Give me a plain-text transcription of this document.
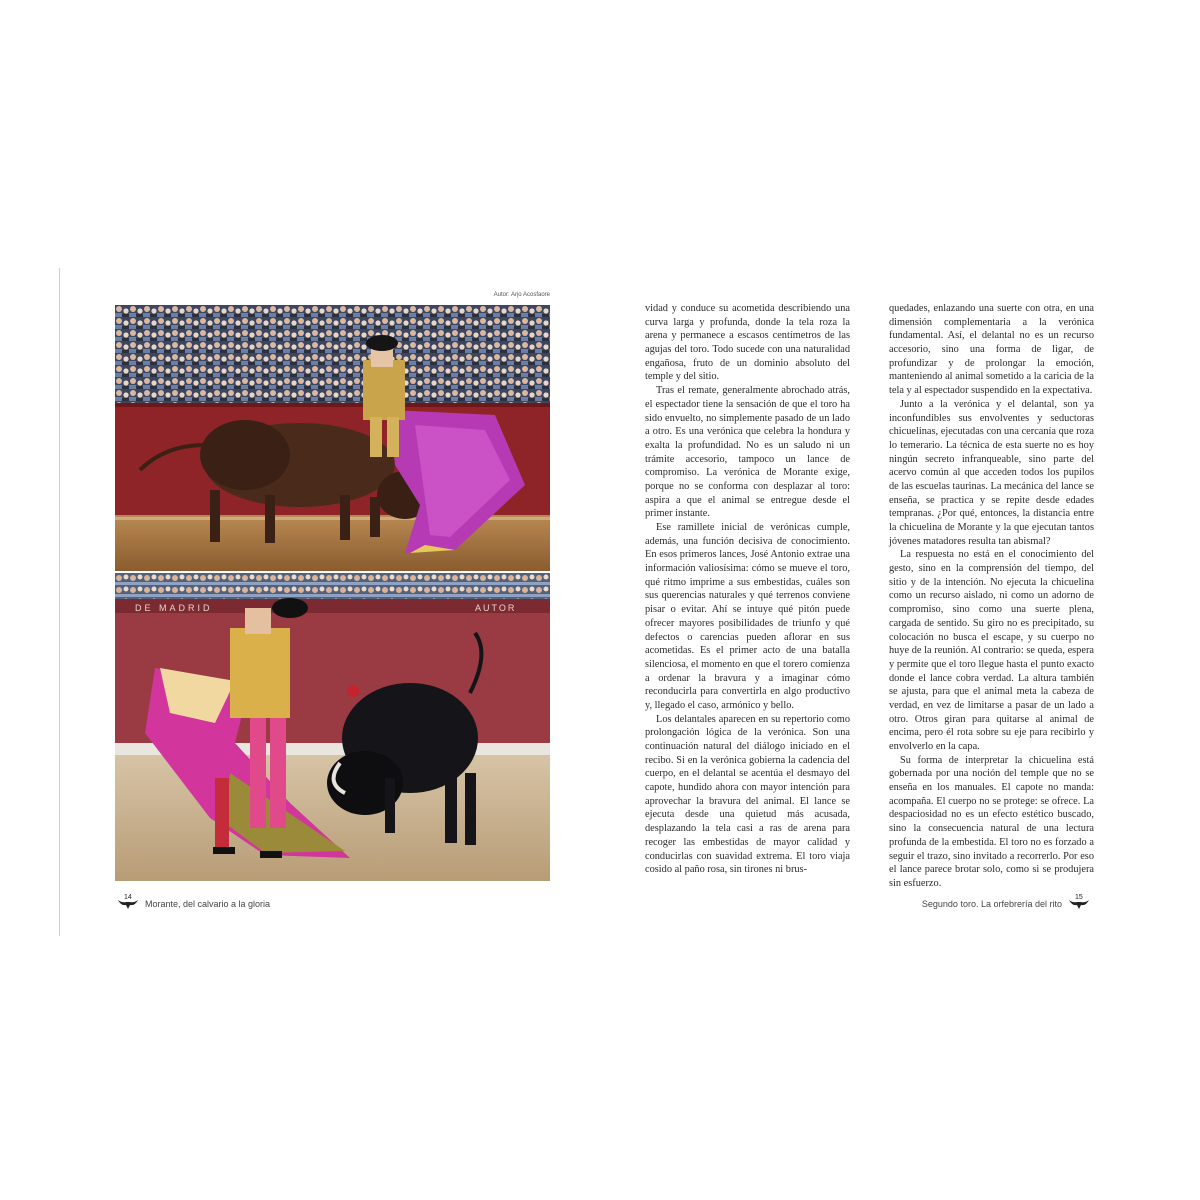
Autor: Arjo Acosfaore
DE MADRID	AUTOR

vidad y conduce su acometida describiendo una curva larga y profunda, donde la tela roza la arena y permanece a escasos centímetros de las agujas del toro. Todo sucede con una naturalidad engañosa, fruto de un dominio absoluto del temple y del sitio.

Tras el remate, generalmente abrochado atrás, el espectador tiene la sensación de que el toro ha sido envuelto, no simplemente pasado de un lado a otro. Es una verónica que celebra la hondura y exalta la profundidad. No es un saludo ni un trámite accesorio, tampoco un lance de compromiso. La verónica de Morante exige, porque no se conforma con desplazar al toro: aspira a que el animal se entregue desde el primer instante.

Ese ramillete inicial de verónicas cumple, además, una función decisiva de conocimiento. En esos primeros lances, José Antonio extrae una información valiosísima: cómo se mueve el toro, qué ritmo imprime a sus embestidas, cuáles son sus querencias naturales y qué terrenos conviene pisar o evitar. Ahí se intuye qué pitón puede ofrecer mayores posibilidades de triunfo y qué defectos o carencias pueden aflorar en sus acometidas. Es el primer acto de una batalla silenciosa, el momento en que el torero comienza a ordenar la bravura y a imaginar cómo reconducirla para convertirla en algo productivo y, llegado el caso, armónico y bello.

Los delantales aparecen en su repertorio como prolongación lógica de la verónica. Son una continuación natural del diálogo iniciado en el recibo. Si en la verónica gobierna la cadencia del cuerpo, en el delantal se acentúa el desmayo del capote, hundido ahora con mayor intención para aprovechar la bravura del animal. El lance se ejecuta desde una quietud más acusada, desplazando la tela casi a ras de arena para recoger las embestidas de mayor calidad y conducirlas con suavidad extrema. El toro viaja cosido al paño rosa, sin tirones ni brus-

quedades, enlazando una suerte con otra, en una dimensión complementaria a la verónica fundamental. Así, el delantal no es un recurso accesorio, sino una forma de ligar, de profundizar y de prolongar la emoción, manteniendo al animal sometido a la caricia de la tela y al espectador suspendido en la expectativa.

Junto a la verónica y el delantal, son ya inconfundibles sus envolventes y seductoras chicuelinas, ejecutadas con una cercanía que roza lo temerario. La técnica de esta suerte no es hoy ningún secreto infranqueable, sino parte del acervo común al que acceden todos los pupilos de las escuelas taurinas. La mecánica del lance se enseña, se practica y se repite desde edades tempranas. ¿Por qué, entonces, la distancia entre la chicuelina de Morante y la que ejecutan tantos jóvenes matadores resulta tan abismal?

La respuesta no está en el conocimiento del gesto, sino en la comprensión del tiempo, del sitio y de la intención. No ejecuta la chicuelina como un recurso aislado, ni como un adorno de compromiso, sino como una suerte plena, cargada de sentido. Su giro no es precipitado, su colocación no busca el escape, y su cuerpo no huye de la reunión. Al contrario: se queda, espera y permite que el toro llegue hasta el punto exacto donde el lance cobra verdad. La altura también se ajusta, para que el animal meta la cabeza de verdad, en vez de limitarse a pasar de un lado a otro. Otros giran para quitarse al animal de encima, pero él rota sobre su eje para recibirlo y envolverlo en la capa.

Su forma de interpretar la chicuelina está gobernada por una noción del temple que no se enseña en los manuales. El capote no manda: acompaña. El cuerpo no se protege: se ofrece. La despaciosidad no es un efecto estético buscado, sino la consecuencia natural de una lectura profunda de la embestida. El toro no es forzado a seguir el trazo, sino invitado a recorrerlo. Por eso el lance parece brotar solo, como si se produjera sin esfuerzo.

14
Morante, del calvario a la gloria	Segundo toro. La orfebrería del rito
15
